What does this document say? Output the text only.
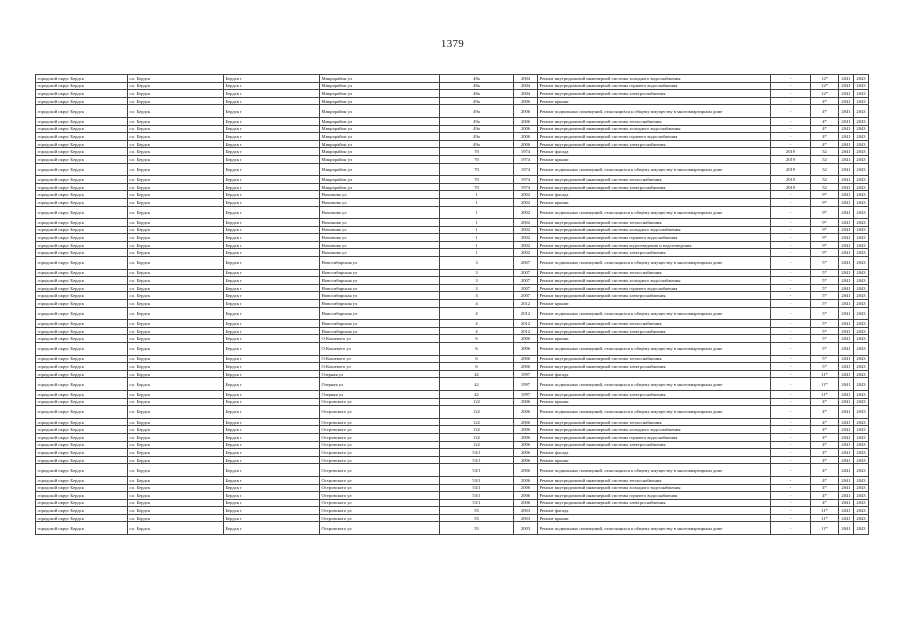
1379
городской округ Бердск	г.о. Бердск	Бердск г	Микрорайон ул	48а	2004	Ремонт внутридомовой инженерной системы холодного водоснабжения	-	12*	2041	2043
городской округ Бердск	г.о. Бердск	Бердск г	Микрорайон ул	48а	2004	Ремонт внутридомовой инженерной системы горячего водоснабжения	-	12*	2041	2043
городской округ Бердск	г.о. Бердск	Бердск г	Микрорайон ул	48а	2004	Ремонт внутридомовой инженерной системы электроснабжения	-	12*	2041	2043
городской округ Бердск	г.о. Бердск	Бердск г	Микрорайон ул	49а	2006	Ремонт крыши	-	4*	2041	2043
городской округ Бердск	г.о. Бердск	Бердск г	Микрорайон ул	49а	2006	Ремонт подвальных помещений, относящихся к общему имуществу в многоквартирном доме	-	4*	2041	2043
городской округ Бердск	г.о. Бердск	Бердск г	Микрорайон ул	49а	2006	Ремонт внутридомовой инженерной системы теплоснабжения	-	4*	2041	2043
городской округ Бердск	г.о. Бердск	Бердск г	Микрорайон ул	49а	2006	Ремонт внутридомовой инженерной системы холодного водоснабжения	-	4*	2041	2043
городской округ Бердск	г.о. Бердск	Бердск г	Микрорайон ул	49а	2006	Ремонт внутридомовой инженерной системы горячего водоснабжения	-	4*	2041	2043
городской округ Бердск	г.о. Бердск	Бердск г	Микрорайон ул	49а	2006	Ремонт внутридомовой инженерной системы электроснабжения	-	4*	2041	2043
городской округ Бердск	г.о. Бердск	Бердск г	Микрорайон ул	70	1974	Ремонт фасада	2019	52	2041	2043
городской округ Бердск	г.о. Бердск	Бердск г	Микрорайон ул	70	1974	Ремонт крыши	2019	52	2041	2043
городской округ Бердск	г.о. Бердск	Бердск г	Микрорайон ул	70	1974	Ремонт подвальных помещений, относящихся к общему имуществу в многоквартирном доме	2019	52	2041	2043
городской округ Бердск	г.о. Бердск	Бердск г	Микрорайон ул	70	1974	Ремонт внутридомовой инженерной системы теплоснабжения	2019	52	2041	2043
городской округ Бердск	г.о. Бердск	Бердск г	Микрорайон ул	70	1974	Ремонт внутридомовой инженерной системы электроснабжения	2019	52	2041	2043
городской округ Бердск	г.о. Бердск	Бердск г	Нахимова ул	1	2002	Ремонт фасада	-	9*	2041	2043
городской округ Бердск	г.о. Бердск	Бердск г	Нахимова ул	1	2002	Ремонт крыши	-	9*	2041	2043
городской округ Бердск	г.о. Бердск	Бердск г	Нахимова ул	1	2002	Ремонт подвальных помещений, относящихся к общему имуществу в многоквартирном доме	-	9*	2041	2043
городской округ Бердск	г.о. Бердск	Бердск г	Нахимова ул	1	2002	Ремонт внутридомовой инженерной системы теплоснабжения	-	9*	2041	2043
городской округ Бердск	г.о. Бердск	Бердск г	Нахимова ул	1	2002	Ремонт внутридомовой инженерной системы холодного водоснабжения	-	9*	2041	2043
городской округ Бердск	г.о. Бердск	Бердск г	Нахимова ул	1	2002	Ремонт внутридомовой инженерной системы горячего водоснабжения	-	9*	2041	2043
городской округ Бердск	г.о. Бердск	Бердск г	Нахимова ул	1	2002	Ремонт внутридомовой инженерной системы водоотведения и водоотведения	-	9*	2041	2043
городской округ Бердск	г.о. Бердск	Бердск г	Нахимова ул	1	2002	Ремонт внутридомовой инженерной системы электроснабжения	-	9*	2041	2043
городской округ Бердск	г.о. Бердск	Бердск г	Новосибирская ул	3	2007	Ремонт подвальных помещений, относящихся к общему имуществу в многоквартирном доме	-	5*	2041	2043
городской округ Бердск	г.о. Бердск	Бердск г	Новосибирская ул	3	2007	Ремонт внутридомовой инженерной системы теплоснабжения	-	5*	2041	2043
городской округ Бердск	г.о. Бердск	Бердск г	Новосибирская ул	3	2007	Ремонт внутридомовой инженерной системы холодного водоснабжения	-	5*	2041	2043
городской округ Бердск	г.о. Бердск	Бердск г	Новосибирская ул	3	2007	Ремонт внутридомовой инженерной системы горячего водоснабжения	-	5*	2041	2043
городской округ Бердск	г.о. Бердск	Бердск г	Новосибирская ул	3	2007	Ремонт внутридомовой инженерной системы электроснабжения	-	5*	2041	2043
городской округ Бердск	г.о. Бердск	Бердск г	Новосибирская ул	4	2012	Ремонт крыши	-	5*	2041	2043
городской округ Бердск	г.о. Бердск	Бердск г	Новосибирская ул	4	2012	Ремонт подвальных помещений, относящихся к общему имуществу в многоквартирном доме	-	5*	2041	2043
городской округ Бердск	г.о. Бердск	Бердск г	Новосибирская ул	4	2012	Ремонт внутридомовой инженерной системы теплоснабжения	-	5*	2041	2043
городской округ Бердск	г.о. Бердск	Бердск г	Новосибирская ул	4	2012	Ремонт внутридомовой инженерной системы электроснабжения	-	5*	2041	2043
городской округ Бердск	г.о. Бердск	Бердск г	О.Кошевого ул	6	2006	Ремонт крыши	-	5*	2041	2043
городской округ Бердск	г.о. Бердск	Бердск г	О.Кошевого ул	6	2006	Ремонт подвальных помещений, относящихся к общему имуществу в многоквартирном доме	-	5*	2041	2043
городской округ Бердск	г.о. Бердск	Бердск г	О.Кошевого ул	6	2006	Ремонт внутридомовой инженерной системы теплоснабжения	-	5*	2041	2043
городской округ Бердск	г.о. Бердск	Бердск г	О.Кошевого ул	6	2006	Ремонт внутридомовой инженерной системы электроснабжения	-	5*	2041	2043
городской округ Бердск	г.о. Бердск	Бердск г	Озерная ул	42	1997	Ремонт фасада	-	11*	2041	2043
городской округ Бердск	г.о. Бердск	Бердск г	Озерная ул	42	1997	Ремонт подвальных помещений, относящихся к общему имуществу в многоквартирном доме	-	11*	2041	2043
городской округ Бердск	г.о. Бердск	Бердск г	Озерная ул	42	1997	Ремонт внутридомовой инженерной системы электроснабжения	-	11*	2041	2043
городской округ Бердск	г.о. Бердск	Бердск г	Островского ул	122	2006	Ремонт крыши	-	4*	2041	2043
городской округ Бердск	г.о. Бердск	Бердск г	Островского ул	122	2006	Ремонт подвальных помещений, относящихся к общему имуществу в многоквартирном доме	-	4*	2041	2043
городской округ Бердск	г.о. Бердск	Бердск г	Островского ул	122	2006	Ремонт внутридомовой инженерной системы теплоснабжения	-	4*	2041	2043
городской округ Бердск	г.о. Бердск	Бердск г	Островского ул	122	2006	Ремонт внутридомовой инженерной системы холодного водоснабжения	-	4*	2041	2043
городской округ Бердск	г.о. Бердск	Бердск г	Островского ул	122	2006	Ремонт внутридомовой инженерной системы горячего водоснабжения	-	4*	2041	2043
городской округ Бердск	г.о. Бердск	Бердск г	Островского ул	122	2006	Ремонт внутридомовой инженерной системы электроснабжения	-	4*	2041	2043
городской округ Бердск	г.о. Бердск	Бердск г	Островского ул	53/1	2006	Ремонт фасада	-	4*	2041	2043
городской округ Бердск	г.о. Бердск	Бердск г	Островского ул	53/1	2006	Ремонт крыши	-	4*	2041	2043
городской округ Бердск	г.о. Бердск	Бердск г	Островского ул	53/1	2006	Ремонт подвальных помещений, относящихся к общему имуществу в многоквартирном доме	-	4*	2041	2043
городской округ Бердск	г.о. Бердск	Бердск г	Островского ул	53/1	2006	Ремонт внутридомовой инженерной системы теплоснабжения	-	4*	2041	2043
городской округ Бердск	г.о. Бердск	Бердск г	Островского ул	53/1	2006	Ремонт внутридомовой инженерной системы холодного водоснабжения	-	4*	2041	2043
городской округ Бердск	г.о. Бердск	Бердск г	Островского ул	53/1	2006	Ремонт внутридомовой инженерной системы горячего водоснабжения	-	4*	2041	2043
городской округ Бердск	г.о. Бердск	Бердск г	Островского ул	53/1	2006	Ремонт внутридомовой инженерной системы электроснабжения	-	4*	2041	2043
городской округ Бердск	г.о. Бердск	Бердск г	Островского ул	55	2003	Ремонт фасада	-	11*	2041	2043
городской округ Бердск	г.о. Бердск	Бердск г	Островского ул	55	2003	Ремонт крыши	-	11*	2041	2043
городской округ Бердск	г.о. Бердск	Бердск г	Островского ул	55	2003	Ремонт подвальных помещений, относящихся к общему имуществу в многоквартирном доме	-	11*	2041	2043
